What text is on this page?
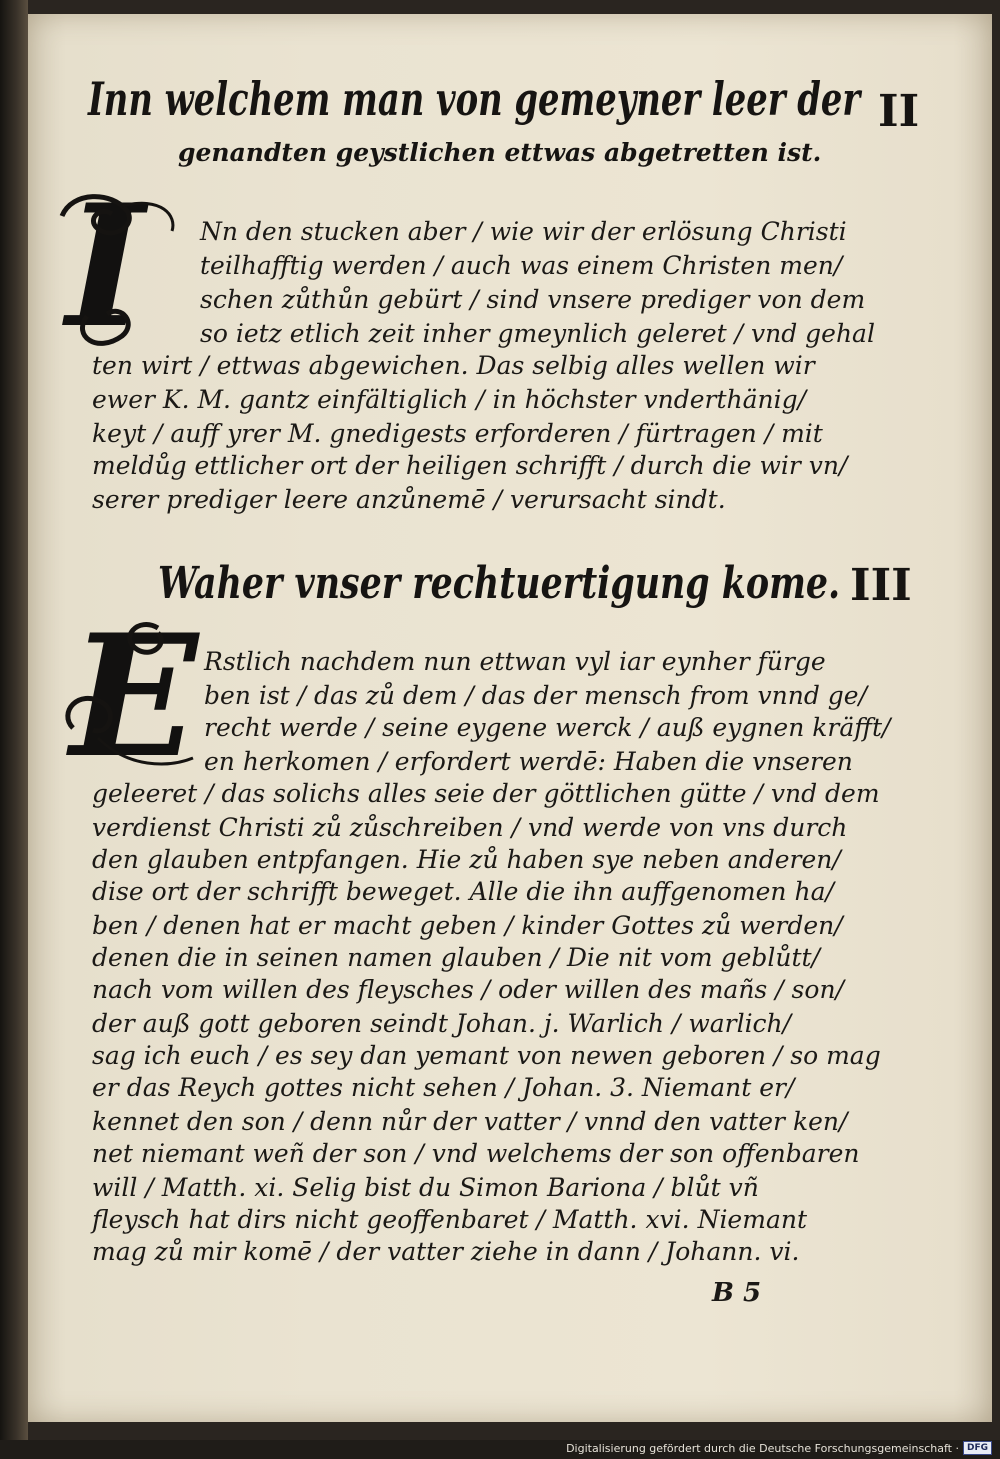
Inn welchem man von gemeyner leer der II
genandten geystlichen ettwas abgetretten ist.
I Nn den stucken aber / wie wir der erlösung Christi
teilhafftig werden / auch was einem Christen men/
schen zůthůn gebürt / sind vnsere prediger von dem
so ietz etlich zeit inher gmeynlich geleret / vnd gehal
ten wirt / ettwas abgewichen. Das selbig alles wellen wir
ewer K. M. gantz einfältiglich / in höchster vnderthänig/
keyt / auff yrer M. gnedigests erforderen / fürtragen / mit
meldůg ettlicher ort der heiligen schrifft / durch die wir vn/
serer prediger leere anzůnemē / verursacht sindt.
Waher vnser rechtuertigung kome. III
E Rstlich nachdem nun ettwan vyl iar eynher fürge
ben ist / das zů dem / das der mensch from vnnd ge/
recht werde / seine eygene werck / auß eygnen kräfft/
en herkomen / erfordert werdē: Haben die vnseren
geleeret / das solichs alles seie der göttlichen gütte / vnd dem
verdienst Christi zů zůschreiben / vnd werde von vns durch
den glauben entpfangen. Hie zů haben sye neben anderen/
dise ort der schrifft beweget. Alle die ihn auffgenomen ha/
ben / denen hat er macht geben / kinder Gottes zů werden/
denen die in seinen namen glauben / Die nit vom geblůtt/
nach vom willen des fleysches / oder willen des mañs / son/
der auß gott geboren seindt Johan. j. Warlich / warlich/
sag ich euch / es sey dan yemant von newen geboren / so mag
er das Reych gottes nicht sehen / Johan. 3. Niemant er/
kennet den son / denn nůr der vatter / vnnd den vatter ken/
net niemant weñ der son / vnd welchems der son offenbaren
will / Matth. xi. Selig bist du Simon Bariona / blůt vñ
fleysch hat dirs nicht geoffenbaret / Matth. xvi. Niemant
mag zů mir komē / der vatter ziehe in dann / Johann. vi.
B 5
Digitalisierung gefördert durch die Deutsche Forschungsgemeinschaft · DFG
